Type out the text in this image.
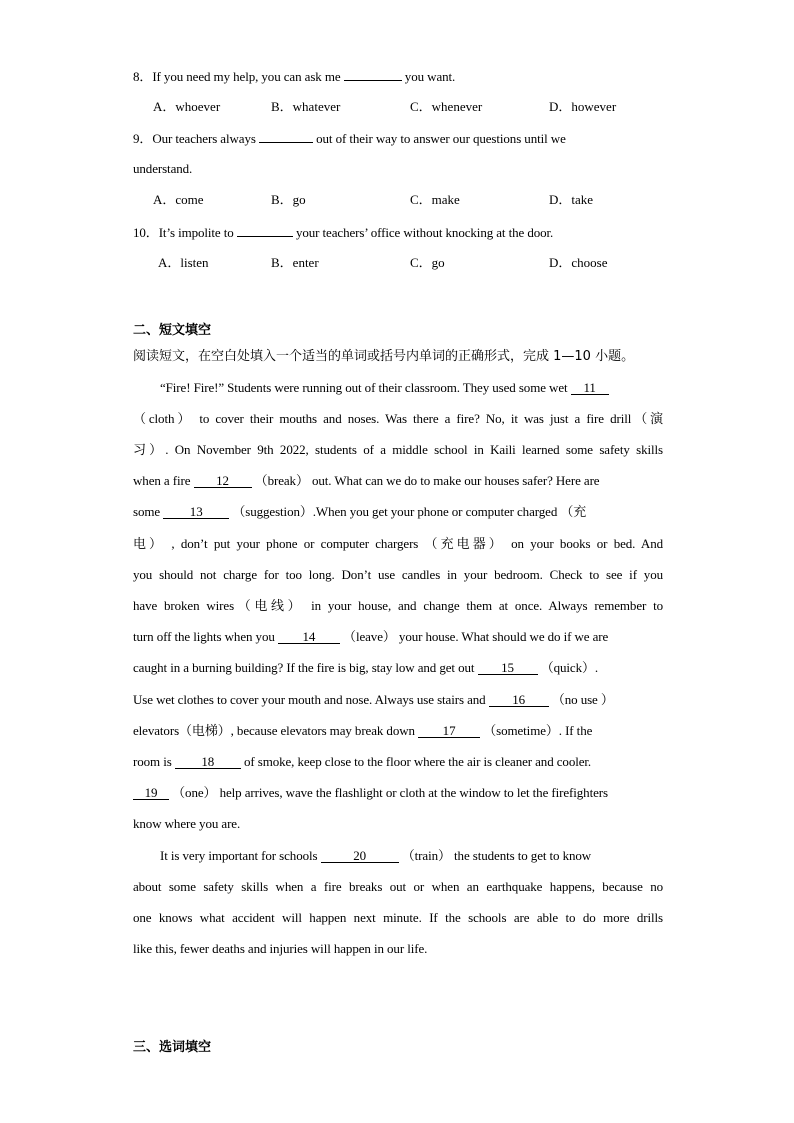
8．If you need my help, you can ask me	you want.
A．whoever	B．whatever	C．whenever	D．however
9．Our teachers always	out of their way to answer our questions until we
understand.
A．come	B．go	C．make	D．take
10．It’s impolite to	your teachers’ office without knocking at the door.
A．listen	B．enter	C．go	D．choose
二、短文填空
阅读短文，在空白处填入一个适当的单词或括号内单词的正确形式，完成 1—10 小题。
“Fire! Fire!” Students were running out of their classroom. They used some wet 11
（cloth） to cover their mouths and noses. Was there a fire? No, it was just a fire drill（演
习）. On November 9th 2022, students of a middle school in Kaili learned some safety skills
when a fire 12 （break） out. What can we do to make our houses safer? Here are
some 13 （suggestion）.When you get your phone or computer charged （充
电） , don’t put your phone or computer chargers （充电器） on your books or bed. And
you should not charge for too long. Don’t use candles in your bedroom. Check to see if you
have broken wires（电线） in your house, and change them at once. Always remember to
turn off the lights when you 14 （leave） your house. What should we do if we are
caught in a burning building? If the fire is big, stay low and get out 15 （quick）.
Use wet clothes to cover your mouth and nose. Always use stairs and 16 （no use ）
elevators（电梯）, because elevators may break down 17 （sometime）. If the
room is 18 of smoke, keep close to the floor where the air is cleaner and cooler.
19 （one） help arrives, wave the flashlight or cloth at the window to let the firefighters
know where you are.
It is very important for schools	20	（train） the students to get to know
about some safety skills when a fire breaks out or when an earthquake happens, because no
one knows what accident will happen next minute. If the schools are able to do more drills
like this, fewer deaths and injuries will happen in our life.
三、选词填空
